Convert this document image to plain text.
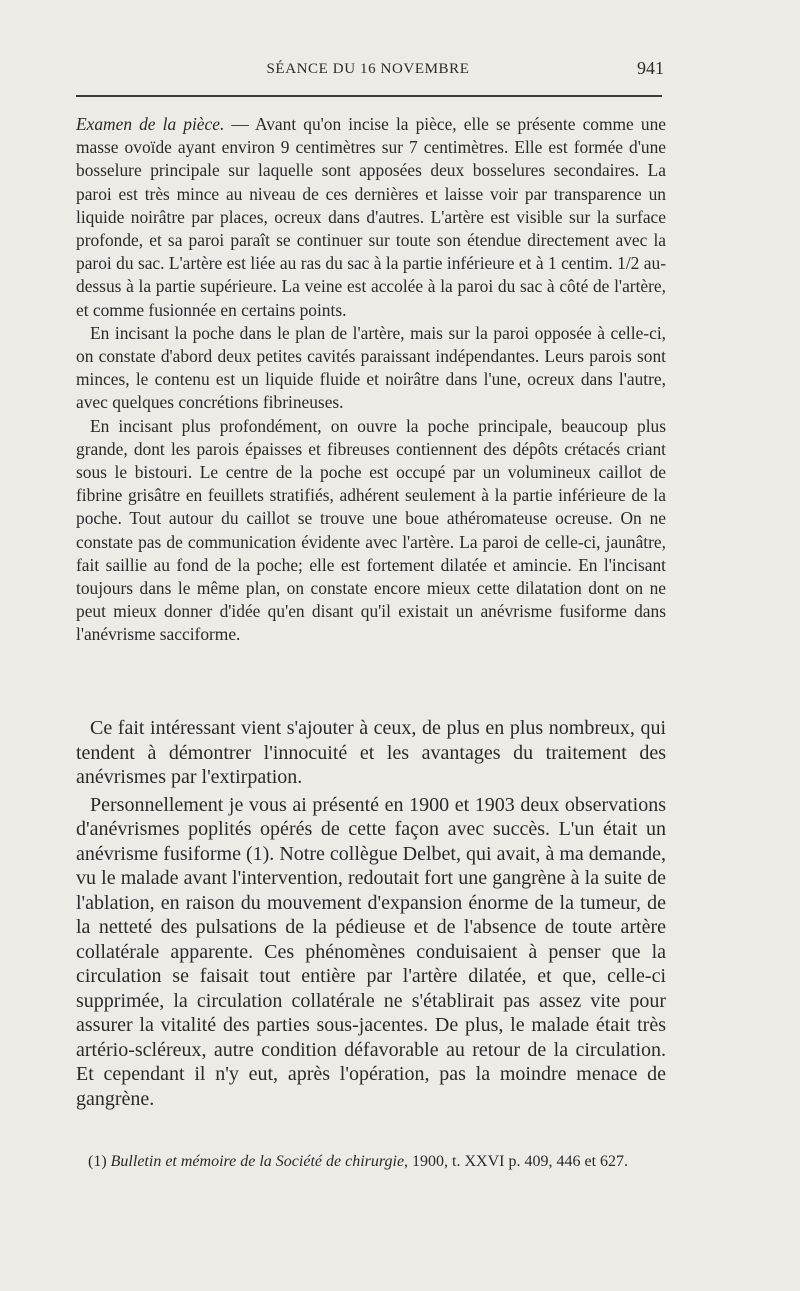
SÉANCE DU 16 NOVEMBRE	941

Examen de la pièce. — Avant qu'on incise la pièce, elle se présente comme une masse ovoïde ayant environ 9 centimètres sur 7 centimètres. Elle est formée d'une bosselure principale sur laquelle sont apposées deux bosselures secondaires. La paroi est très mince au niveau de ces dernières et laisse voir par transparence un liquide noirâtre par places, ocreux dans d'autres. L'artère est visible sur la surface profonde, et sa paroi paraît se continuer sur toute son étendue directement avec la paroi du sac. L'artère est liée au ras du sac à la partie inférieure et à 1 centim. 1/2 au-dessus à la partie supérieure. La veine est accolée à la paroi du sac à côté de l'artère, et comme fusionnée en certains points.

En incisant la poche dans le plan de l'artère, mais sur la paroi opposée à celle-ci, on constate d'abord deux petites cavités paraissant indépendantes. Leurs parois sont minces, le contenu est un liquide fluide et noirâtre dans l'une, ocreux dans l'autre, avec quelques concrétions fibrineuses.

En incisant plus profondément, on ouvre la poche principale, beaucoup plus grande, dont les parois épaisses et fibreuses contiennent des dépôts crétacés criant sous le bistouri. Le centre de la poche est occupé par un volumineux caillot de fibrine grisâtre en feuillets stratifiés, adhérent seulement à la partie inférieure de la poche. Tout autour du caillot se trouve une boue athéromateuse ocreuse. On ne constate pas de communication évidente avec l'artère. La paroi de celle-ci, jaunâtre, fait saillie au fond de la poche; elle est fortement dilatée et amincie. En l'incisant toujours dans le même plan, on constate encore mieux cette dilatation dont on ne peut mieux donner d'idée qu'en disant qu'il existait un anévrisme fusiforme dans l'anévrisme sacciforme.

Ce fait intéressant vient s'ajouter à ceux, de plus en plus nombreux, qui tendent à démontrer l'innocuité et les avantages du traitement des anévrismes par l'extirpation.

Personnellement je vous ai présenté en 1900 et 1903 deux observations d'anévrismes poplités opérés de cette façon avec succès. L'un était un anévrisme fusiforme (1). Notre collègue Delbet, qui avait, à ma demande, vu le malade avant l'intervention, redoutait fort une gangrène à la suite de l'ablation, en raison du mouvement d'expansion énorme de la tumeur, de la netteté des pulsations de la pédieuse et de l'absence de toute artère collatérale apparente. Ces phénomènes conduisaient à penser que la circulation se faisait tout entière par l'artère dilatée, et que, celle-ci supprimée, la circulation collatérale ne s'établirait pas assez vite pour assurer la vitalité des parties sous-jacentes. De plus, le malade était très artério-scléreux, autre condition défavorable au retour de la circulation. Et cependant il n'y eut, après l'opération, pas la moindre menace de gangrène.

(1) Bulletin et mémoire de la Société de chirurgie, 1900, t. XXVI p. 409, 446 et 627.
